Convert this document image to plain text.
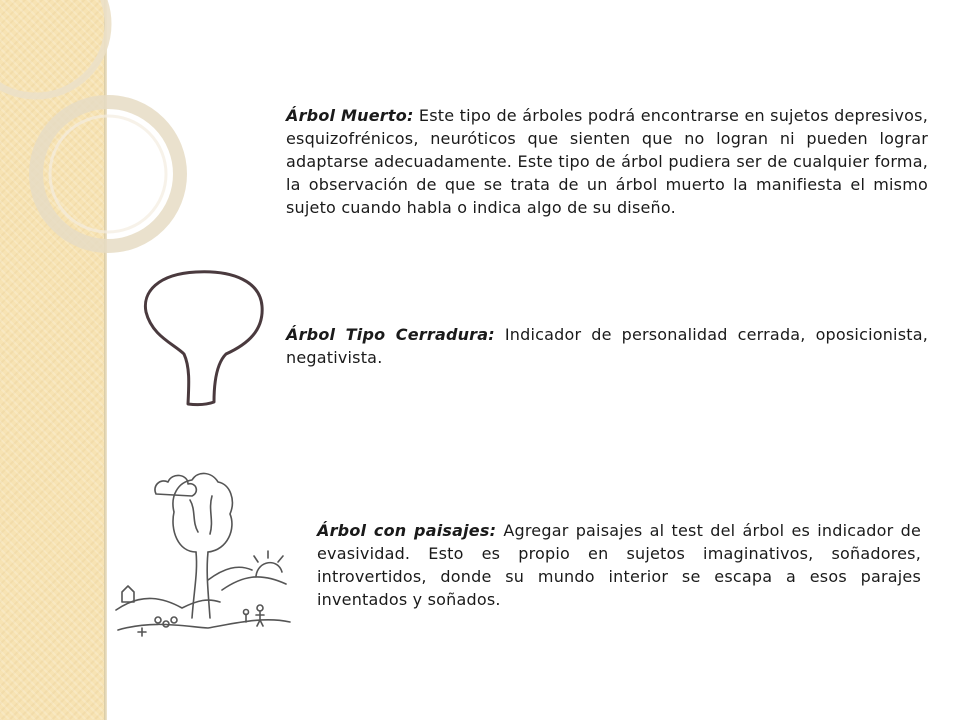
Árbol Muerto: Este tipo de árboles podrá encontrarse en sujetos depresivos, esquizofrénicos, neuróticos que sienten que no logran ni pueden lograr adaptarse adecuadamente. Este tipo de árbol pudiera ser de cualquier forma, la observación de que se trata de un árbol muerto la manifiesta el mismo sujeto cuando habla o indica algo de su diseño.

Árbol Tipo Cerradura: Indicador de personalidad cerrada, oposicionista, negativista.

Árbol con paisajes: Agregar paisajes al test del árbol es indicador de evasividad. Esto es propio en sujetos imaginativos, soñadores, introvertidos, donde su mundo interior se escapa a esos parajes inventados y soñados.
